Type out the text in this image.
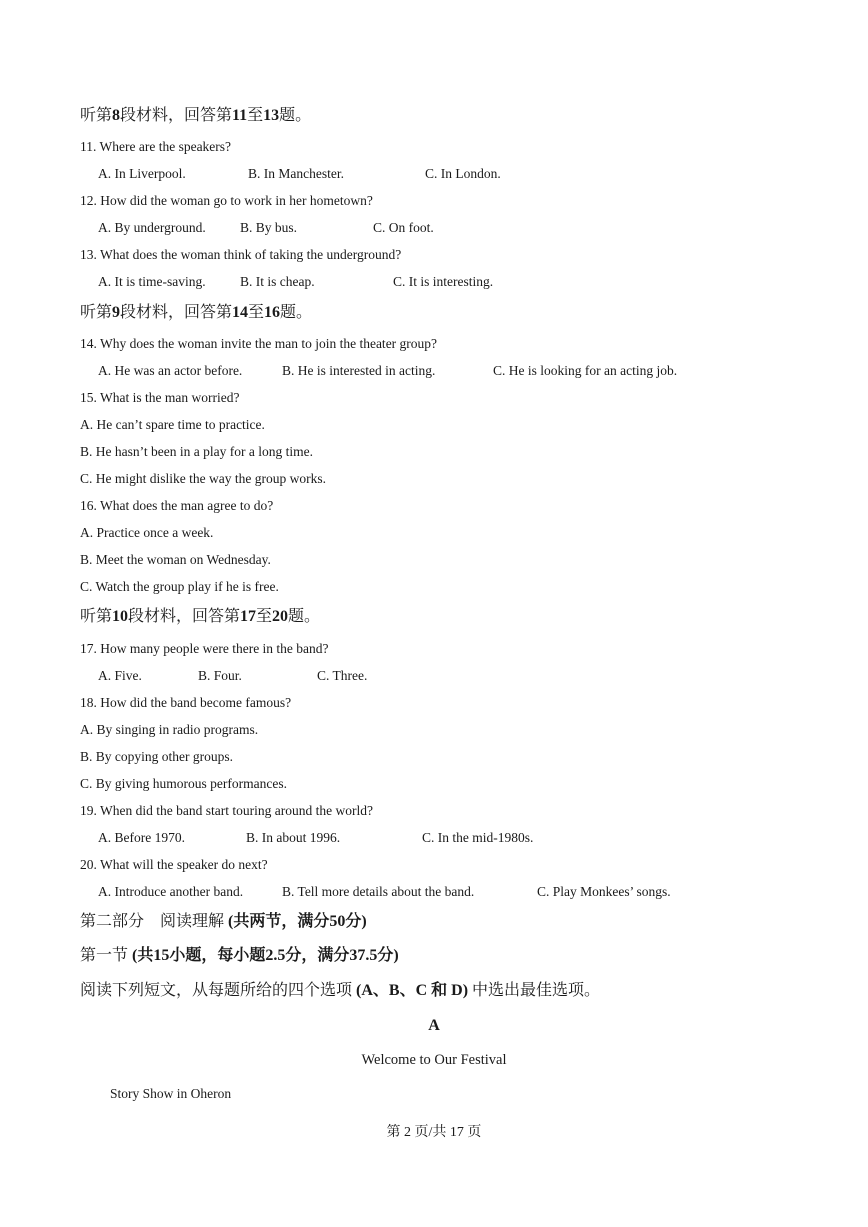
听第8段材料，回答第11至13题。
11. Where are the speakers?
A. In Liverpool.	B. In Manchester.	C. In London.
12. How did the woman go to work in her hometown?
A. By underground.	B. By bus.	C. On foot.
13. What does the woman think of taking the underground?
A. It is time-saving.	B. It is cheap.	C. It is interesting.
听第9段材料，回答第14至16题。
14. Why does the woman invite the man to join the theater group?
A. He was an actor before.	B. He is interested in acting.	C. He is looking for an acting job.
15. What is the man worried?
A. He can’t spare time to practice.
B. He hasn’t been in a play for a long time.
C. He might dislike the way the group works.
16. What does the man agree to do?
A. Practice once a week.
B. Meet the woman on Wednesday.
C. Watch the group play if he is free.
听第10段材料，回答第17至20题。
17. How many people were there in the band?
A. Five.	B. Four.	C. Three.
18. How did the band become famous?
A. By singing in radio programs.
B. By copying other groups.
C. By giving humorous performances.
19. When did the band start touring around the world?
A. Before 1970.	B. In about 1996.	C. In the mid-1980s.
20. What will the speaker do next?
A. Introduce another band.	B. Tell more details about the band.	C. Play Monkees’ songs.
第二部分　阅读理解 (共两节，满分50分)
第一节 (共15小题，每小题2.5分，满分37.5分)
阅读下列短文，从每题所给的四个选项 (A、B、C 和 D) 中选出最佳选项。
A
Welcome to Our Festival
Story Show in Oheron
第 2 页/共 17 页
